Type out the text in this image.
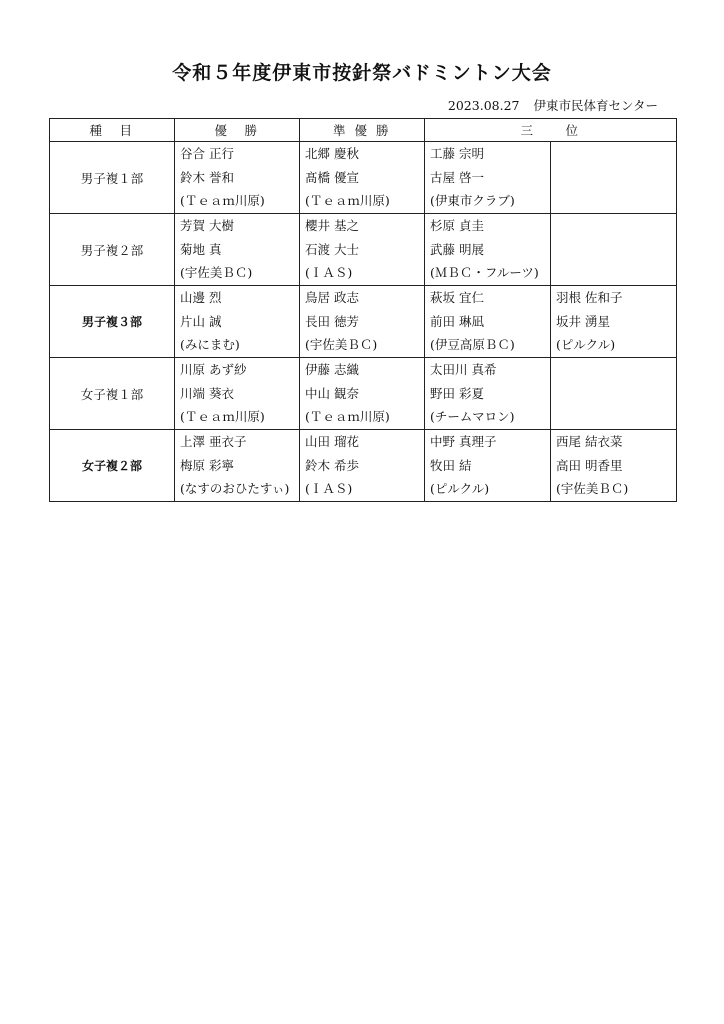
令和５年度伊東市按針祭バドミントン大会
2023.08.27 伊東市民体育センター
種　目	優　勝	準 優 勝	三　　位	
男子複１部	谷合 正行
鈴木 誉和
(Ｔｅａｍ川原)	北郷 慶秋
髙橋 優宣
(Ｔｅａｍ川原)	工藤 宗明
古屋 啓一
(伊東市クラブ)	

男子複２部	芳賀 大樹
菊地 真
(宇佐美ＢＣ)	櫻井 基之
石渡 大士
(ＩＡＳ)	杉原 貞圭
武藤 明展
(ＭＢＣ・フルーツ)	

男子複３部	山邊 烈
片山 誠
(みにまむ)	鳥居 政志
長田 徳芳
(宇佐美ＢＣ)	萩坂 宜仁
前田 琳凪
(伊豆高原ＢＣ)	羽根 佐和子
坂井 湧星
(ピルクル)

女子複１部	川原 あず紗
川端 葵衣
(Ｔｅａｍ川原)	伊藤 志織
中山 観奈
(Ｔｅａｍ川原)	太田川 真希
野田 彩夏
(チームマロン)	

女子複２部	上澤 亜衣子
梅原 彩寧
(なすのおひたすぃ)	山田 瑠花
鈴木 希歩
(ＩＡＳ)	中野 真理子
牧田 結
(ピルクル)	西尾 結衣菜
高田 明香里
(宇佐美ＢＣ)
